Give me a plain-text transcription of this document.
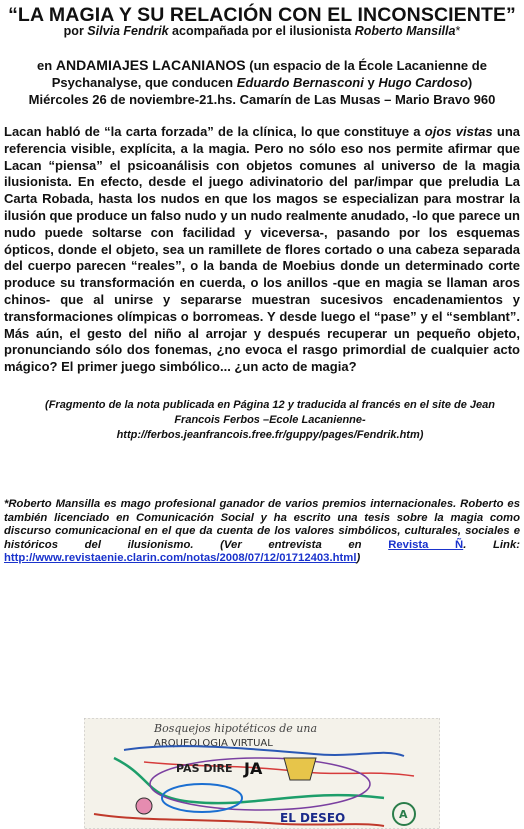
“LA MAGIA Y SU RELACIÓN CON EL INCONSCIENTE”

por Silvia Fendrik acompañada por el ilusionista Roberto Mansilla*

en ANDAMIAJES LACANIANOS (un espacio de la École Lacanienne de Psychanalyse, que conducen Eduardo Bernasconi y Hugo Cardoso)
Miércoles 26 de noviembre-21.hs. Camarín de Las Musas – Mario Bravo 960

Lacan habló de “la carta forzada” de la clínica, lo que constituye a ojos vistas una referencia visible, explícita, a la magia. Pero no sólo eso nos permite afirmar que Lacan “piensa” el psicoanálisis con objetos comunes al universo de la magia ilusionista. En efecto, desde el juego adivinatorio del par/impar que preludia La Carta Robada, hasta los nudos en que los magos se especializan para mostrar la ilusión que produce un falso nudo y un nudo realmente anudado, -lo que parece un nudo puede soltarse con facilidad y viceversa-, pasando por los esquemas ópticos, donde el objeto, sea un ramillete de flores cortado o una cabeza separada del cuerpo parecen “reales”, o la banda de Moebius donde un determinado corte produce su transformación en cuerda, o los anillos -que en magia se llaman aros chinos- que al unirse y separarse muestran sucesivos encadenamientos y transformaciones olímpicas o borromeas. Y desde luego el “pase” y el “semblant”. Más aún, el gesto del niño al arrojar y después recuperar un pequeño objeto, pronunciando sólo dos fonemas, ¿no evoca el rasgo primordial de cualquier acto mágico? El primer juego simbólico... ¿un acto de magia?

(Fragmento de la nota publicada en Página 12 y traducida al francés en el site de Jean Francois Ferbos –Ecole Lacanienne-
http://ferbos.jeanfrancois.free.fr/guppy/pages/Fendrik.htm)

*Roberto Mansilla es mago profesional ganador de varios premios internacionales. Roberto es también licenciado en Comunicación Social y ha escrito una tesis sobre la magia como discurso comunicacional en el que da cuenta de los valores simbólicos, culturales, sociales e históricos del ilusionismo. (Ver entrevista en Revista Ñ. Link: http://www.revistaenie.clarin.com/notas/2008/07/12/01712403.html)

Bosquejos hipotéticos de una
ARQUEOLOGIA VIRTUAL
PAS DIRE JA
A
EL DESEO
